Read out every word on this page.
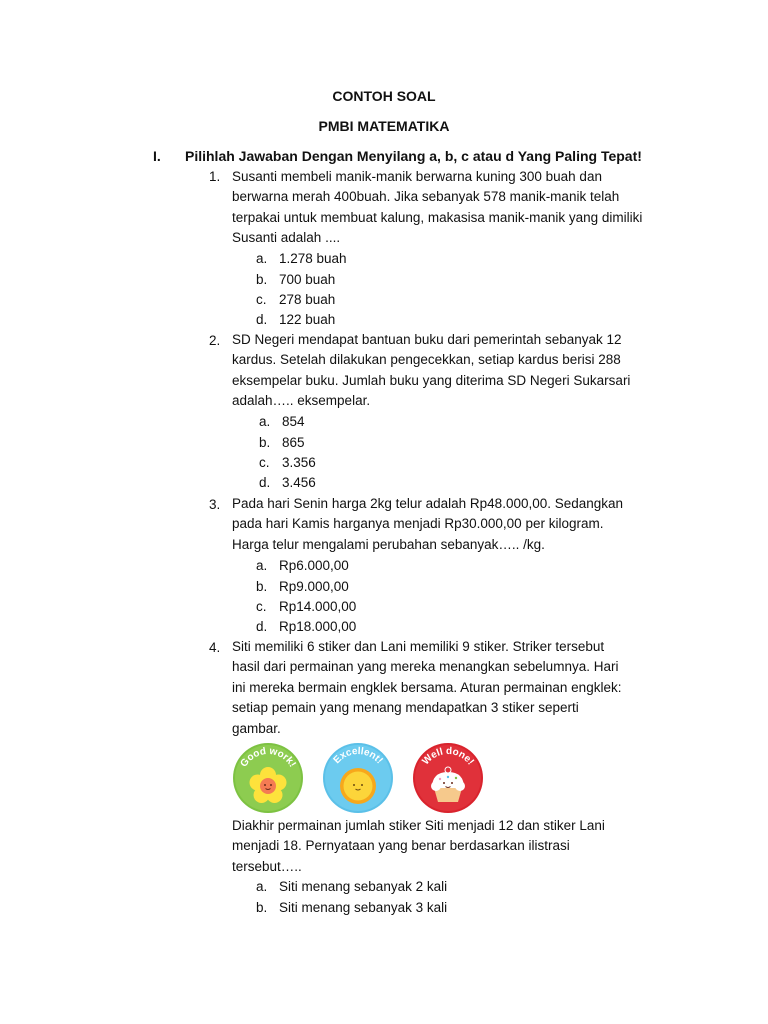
CONTOH SOAL
PMBI MATEMATIKA
I. Pilihlah Jawaban Dengan Menyilang a, b, c atau d Yang Paling Tepat!
1. Susanti membeli manik-manik berwarna kuning 300 buah dan
berwarna merah 400buah. Jika sebanyak 578 manik-manik telah
terpakai untuk membuat kalung, makasisa manik-manik yang dimiliki
Susanti adalah ....
a. 1.278 buah
b. 700 buah
c. 278 buah
d. 122 buah
2. SD Negeri mendapat bantuan buku dari pemerintah sebanyak 12
kardus. Setelah dilakukan pengecekkan, setiap kardus berisi 288
eksempelar buku. Jumlah buku yang diterima SD Negeri Sukarsari
adalah….. eksempelar.
a. 854
b. 865
c. 3.356
d. 3.456
3. Pada hari Senin harga 2kg telur adalah Rp48.000,00. Sedangkan
pada hari Kamis harganya menjadi Rp30.000,00 per kilogram.
Harga telur mengalami perubahan sebanyak….. /kg.
a. Rp6.000,00
b. Rp9.000,00
c. Rp14.000,00
d. Rp18.000,00
4. Siti memiliki 6 stiker dan Lani memiliki 9 stiker. Striker tersebut
hasil dari permainan yang mereka menangkan sebelumnya. Hari
ini mereka bermain engklek bersama. Aturan permainan engklek:
setiap pemain yang menang mendapatkan 3 stiker seperti
gambar.
Good work!	Excellent!	Well done!
Diakhir permainan jumlah stiker Siti menjadi 12 dan stiker Lani
menjadi 18. Pernyataan yang benar berdasarkan ilistrasi
tersebut…..
a. Siti menang sebanyak 2 kali
b. Siti menang sebanyak 3 kali
